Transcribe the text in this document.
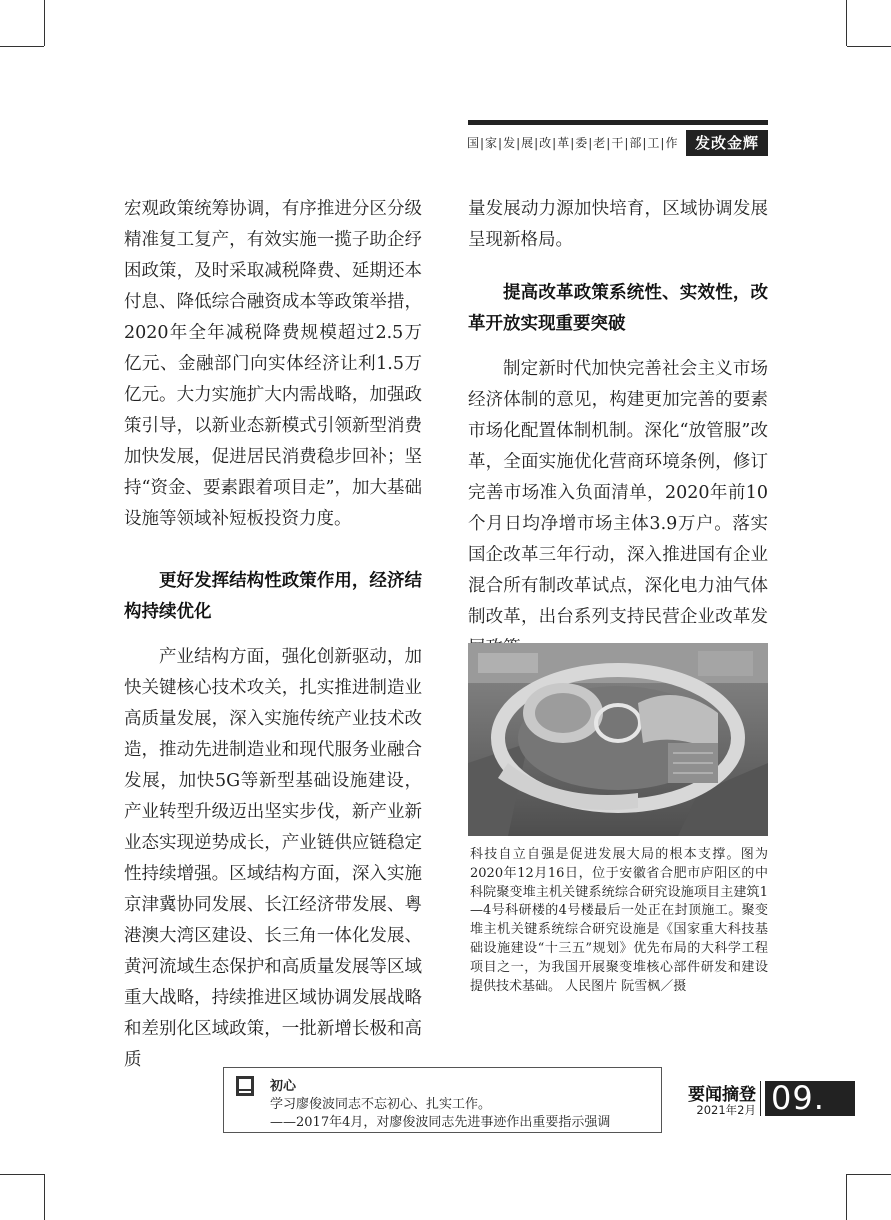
国|家|发|展|改|革|委|老|干|部|工|作	发改金辉

宏观政策统筹协调，有序推进分区分级精准复工复产，有效实施一揽子助企纾困政策，及时采取减税降费、延期还本付息、降低综合融资成本等政策举措，2020年全年减税降费规模超过2.5万亿元、金融部门向实体经济让利1.5万亿元。大力实施扩大内需战略，加强政策引导，以新业态新模式引领新型消费加快发展，促进居民消费稳步回补；坚持“资金、要素跟着项目走”，加大基础设施等领域补短板投资力度。

更好发挥结构性政策作用，经济结构持续优化

产业结构方面，强化创新驱动，加快关键核心技术攻关，扎实推进制造业高质量发展，深入实施传统产业技术改造，推动先进制造业和现代服务业融合发展，加快5G等新型基础设施建设，产业转型升级迈出坚实步伐，新产业新业态实现逆势成长，产业链供应链稳定性持续增强。区域结构方面，深入实施京津冀协同发展、长江经济带发展、粤港澳大湾区建设、长三角一体化发展、黄河流域生态保护和高质量发展等区域重大战略，持续推进区域协调发展战略和差别化区域政策，一批新增长极和高质

量发展动力源加快培育，区域协调发展呈现新格局。

提高改革政策系统性、实效性，改革开放实现重要突破

制定新时代加快完善社会主义市场经济体制的意见，构建更加完善的要素市场化配置体制机制。深化“放管服”改革，全面实施优化营商环境条例，修订完善市场准入负面清单，2020年前10个月日均净增市场主体3.9万户。落实国企改革三年行动，深入推进国有企业混合所有制改革试点，深化电力油气体制改革，出台系列支持民营企业改革发

科技自立自强是促进发展大局的根本支撑。图为2020年12月16日，位于安徽省合肥市庐阳区的中科院聚变堆主机关键系统综合研究设施项目主建筑1—4号科研楼的4号楼最后一处正在封顶施工。聚变堆主机关键系统综合研究设施是《国家重大科技基础设施建设“十三五”规划》优先布局的大科学工程项目之一，为我国开展聚变堆核心部件研发和建设提供技术基础。 人民图片 阮雪枫／摄
初心
学习廖俊波同志不忘初心、扎实工作。
——2017年4月，对廖俊波同志先进事迹作出重要指示强调
要闻摘登
2021年2月 09.
